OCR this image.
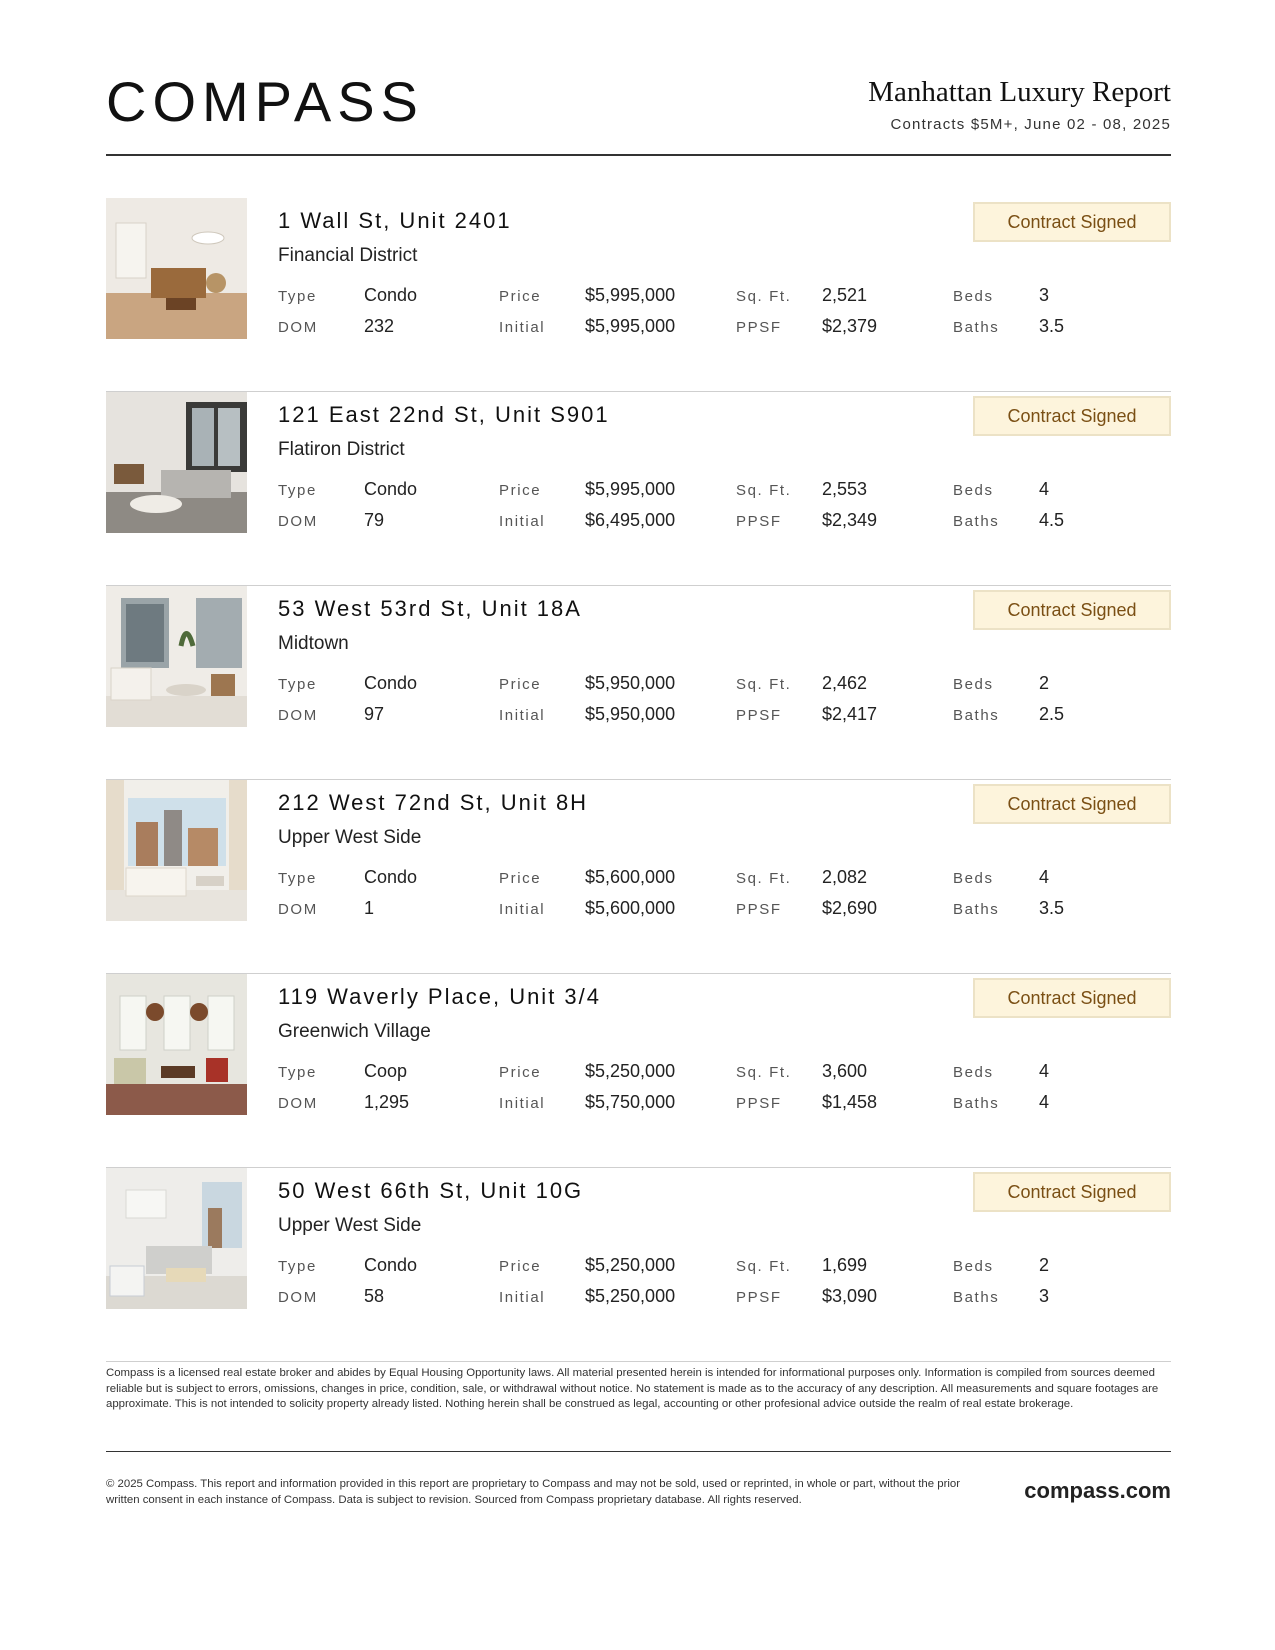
COMPASS	Manhattan Luxury Report
Contracts $5M+, June 02 - 08, 2025
1 Wall St, Unit 2401
Financial District
Contract Signed
Type	Condo	Price $5,995,000	Sq. Ft. 2,521	Beds	3
DOM	232	Initial $5,995,000	PPSF $2,379	Baths 3.5
121 East 22nd St, Unit S901
Flatiron District
Contract Signed
Type	Condo	Price $5,995,000	Sq. Ft. 2,553	Beds	4
DOM	79	Initial $6,495,000	PPSF $2,349	Baths 4.5
53 West 53rd St, Unit 18A
Midtown
Contract Signed
Type	Condo	Price $5,950,000	Sq. Ft. 2,462	Beds	2
DOM	97	Initial $5,950,000	PPSF $2,417	Baths 2.5
212 West 72nd St, Unit 8H
Upper West Side
Contract Signed
Type	Condo	Price $5,600,000	Sq. Ft. 2,082	Beds	4
DOM	1	Initial $5,600,000	PPSF $2,690	Baths 3.5
119 Waverly Place, Unit 3/4
Greenwich Village
Contract Signed
Type	Coop	Price $5,250,000	Sq. Ft. 3,600	Beds	4
DOM	1,295	Initial $5,750,000	PPSF $1,458	Baths 4
50 West 66th St, Unit 10G
Upper West Side
Contract Signed
Type	Condo	Price $5,250,000	Sq. Ft. 1,699	Beds	2
DOM	58	Initial $5,250,000	PPSF $3,090	Baths 3
Compass is a licensed real estate broker and abides by Equal Housing Opportunity laws. All material presented herein is intended for informational purposes only. Information is compiled from sources deemed reliable but is subject to errors, omissions, changes in price, condition, sale, or withdrawal without notice. No statement is made as to the accuracy of any description. All measurements and square footages are approximate. This is not intended to solicity property already listed. Nothing herein shall be construed as legal, accounting or other profesional advice outside the realm of real estate brokerage.
© 2025 Compass. This report and information provided in this report are proprietary to Compass and may not be sold, used or reprinted, in whole or part, without the prior written consent in each instance of Compass. Data is subject to revision. Sourced from Compass proprietary database. All rights reserved.	compass.com
